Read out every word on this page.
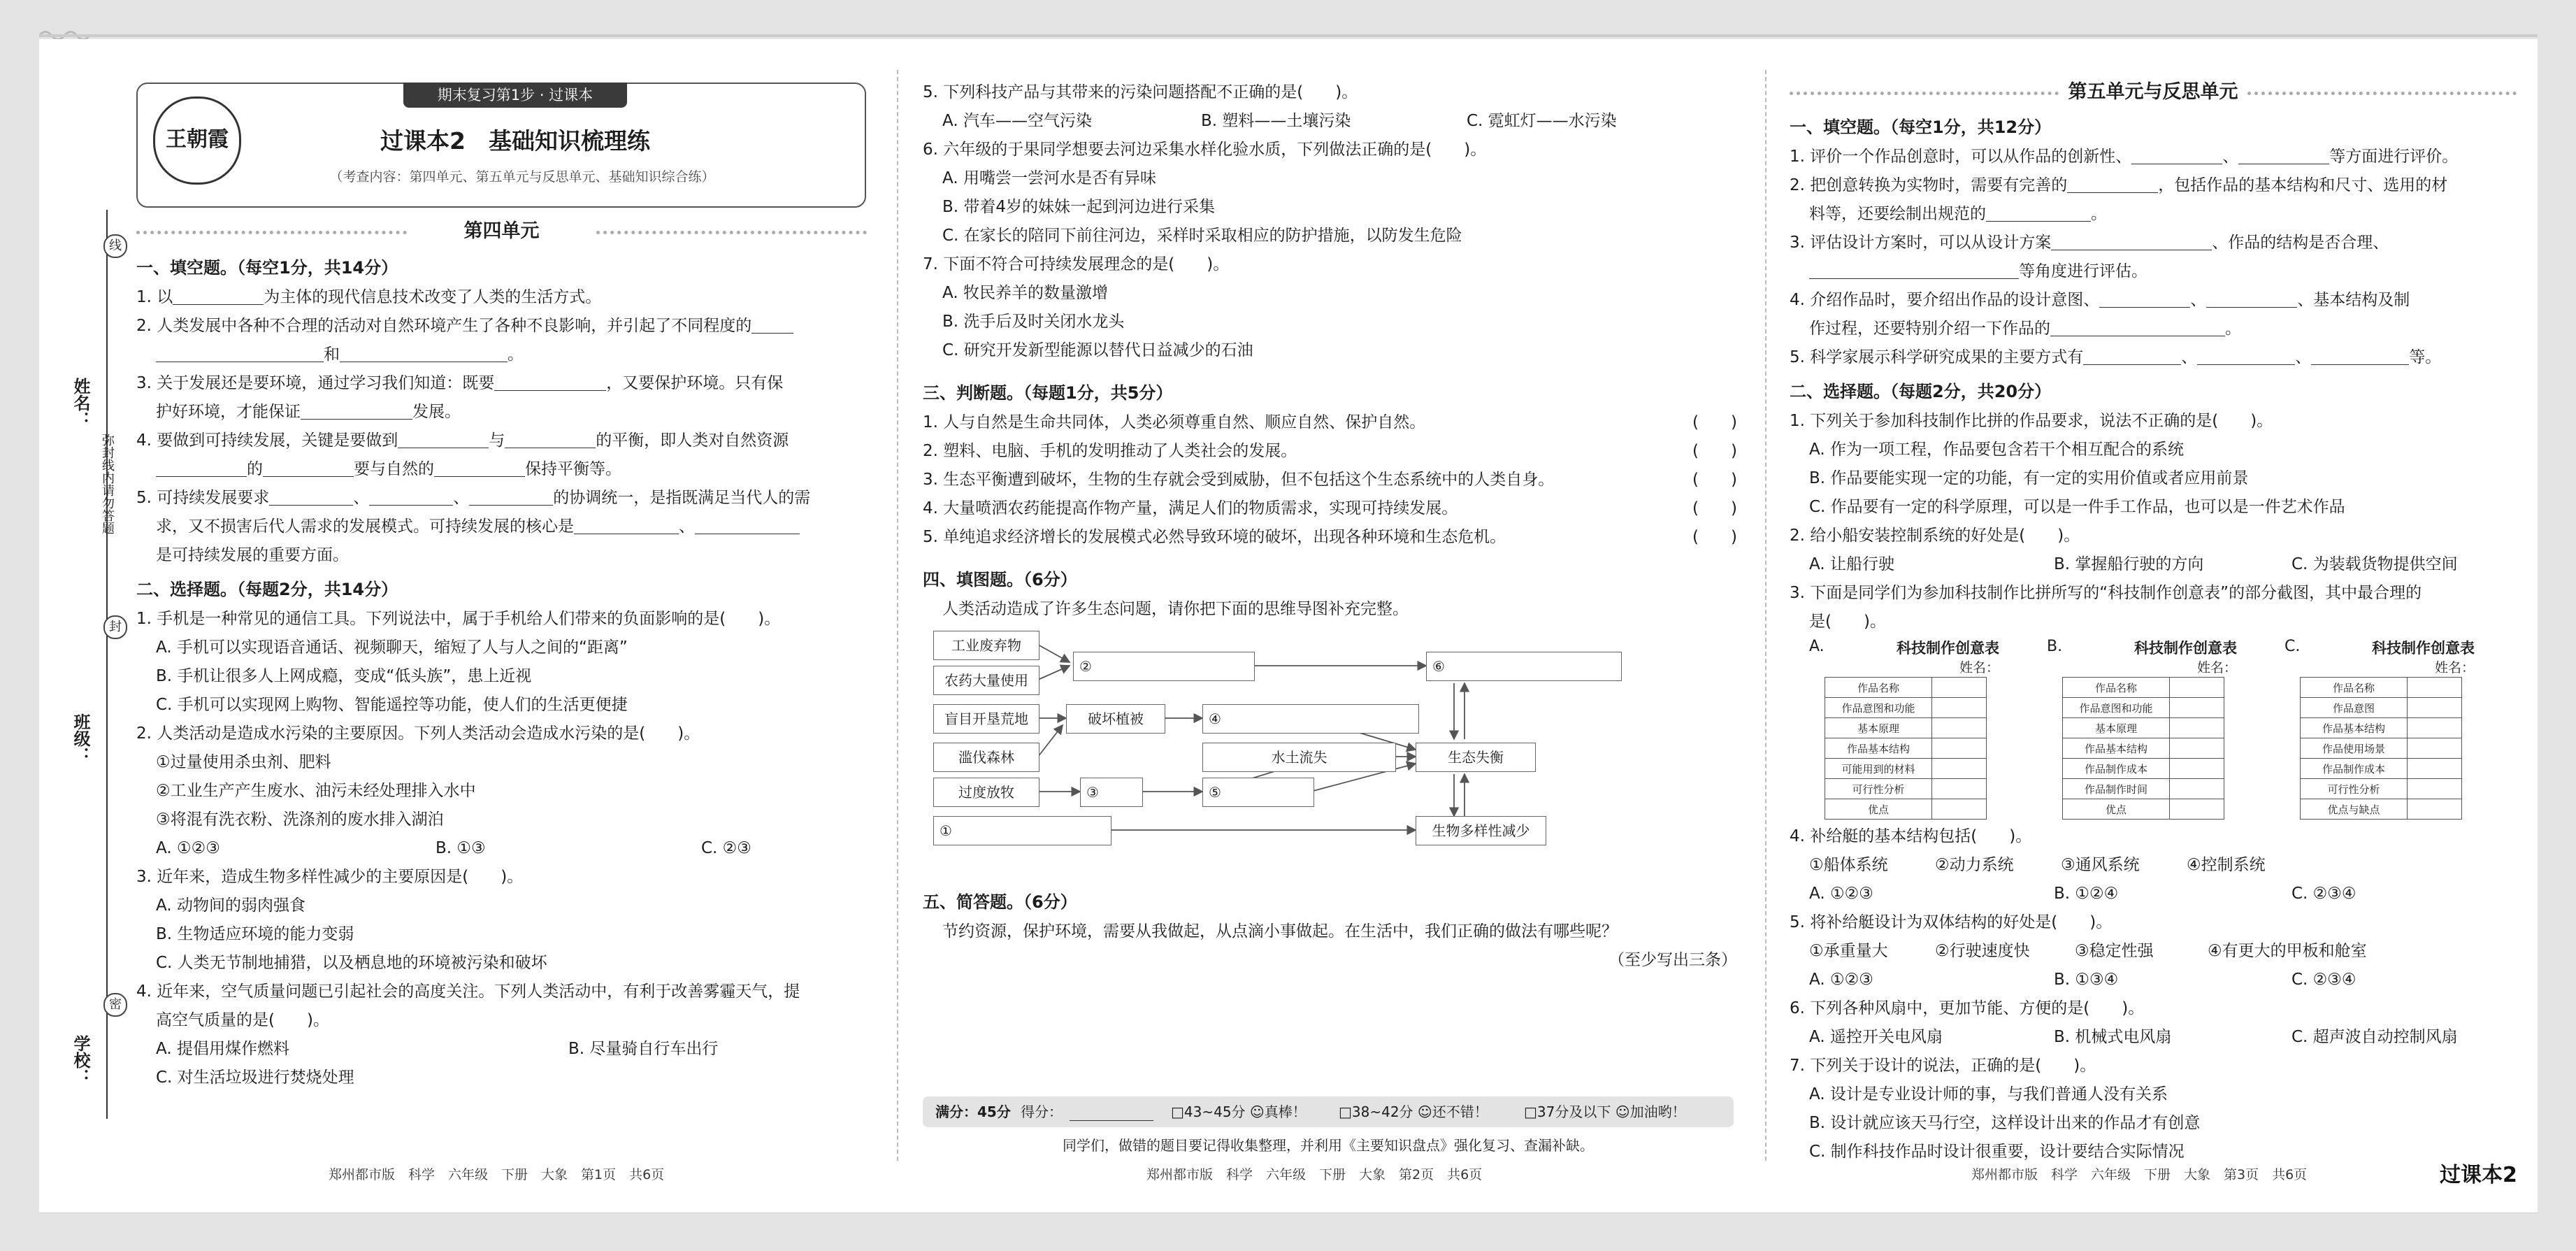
姓名：
弥封线内请勿答题
班级：
学校：
线
封
密
期末复习第1步 · 过课本
王朝霞	过课本2　基础知识梳理练
（考查内容：第四单元、第五单元与反思单元、基础知识综合练）
第四单元

一、填空题。（每空1分，共14分）

1. 以	为主体的现代信息技术改变了人类的生活方式。

2. 人类发展中各种不合理的活动对自然环境产生了各种不良影响，并引起了不同程度的

和	。

3. 关于发展还是要环境，通过学习我们知道：既要	，又要保护环境。只有保

护好环境，才能保证	发展。

4. 要做到可持续发展，关键是要做到	与	的平衡，即人类对自然资源

的	要与自然的	保持平衡等。

5. 可持续发展要求	、	、	的协调统一，是指既满足当代人的需

求，又不损害后代人需求的发展模式。可持续发展的核心是	、

是可持续发展的重要方面。

二、选择题。（每题2分，共14分）

1. 手机是一种常见的通信工具。下列说法中，属于手机给人们带来的负面影响的是(　　)。

A. 手机可以实现语音通话、视频聊天，缩短了人与人之间的“距离”

B. 手机让很多人上网成瘾，变成“低头族”，患上近视

C. 手机可以实现网上购物、智能遥控等功能，使人们的生活更便捷

2. 人类活动是造成水污染的主要原因。下列人类活动会造成水污染的是(　　)。

①过量使用杀虫剂、肥料

②工业生产产生废水、油污未经处理排入水中

③将混有洗衣粉、洗涤剂的废水排入湖泊

A. ①②③	B. ①③	C. ②③

3. 近年来，造成生物多样性减少的主要原因是(　　)。

A. 动物间的弱肉强食

B. 生物适应环境的能力变弱

C. 人类无节制地捕猎，以及栖息地的环境被污染和破坏

4. 近年来，空气质量问题已引起社会的高度关注。下列人类活动中，有利于改善雾霾天气，提

高空气质量的是(　　)。

A. 提倡用煤作燃料	B. 尽量骑自行车出行

C. 对生活垃圾进行焚烧处理

5. 下列科技产品与其带来的污染问题搭配不正确的是(　　)。

A. 汽车——空气污染	B. 塑料——土壤污染	C. 霓虹灯——水污染

6. 六年级的于果同学想要去河边采集水样化验水质，下列做法正确的是(　　)。

A. 用嘴尝一尝河水是否有异味

B. 带着4岁的妹妹一起到河边进行采集

C. 在家长的陪同下前往河边，采样时采取相应的防护措施，以防发生危险

7. 下面不符合可持续发展理念的是(　　)。

A. 牧民养羊的数量激增

B. 洗手后及时关闭水龙头

C. 研究开发新型能源以替代日益减少的石油

三、判断题。（每题1分，共5分）

1. 人与自然是生命共同体，人类必须尊重自然、顺应自然、保护自然。	(　　)
2. 塑料、电脑、手机的发明推动了人类社会的发展。	(　　)
3. 生态平衡遭到破坏，生物的生存就会受到威胁，但不包括这个生态系统中的人类自身。	(　　)
4. 大量喷洒农药能提高作物产量，满足人们的物质需求，实现可持续发展。	(　　)
5. 单纯追求经济增长的发展模式必然导致环境的破坏，出现各种环境和生态危机。	(　　)

四、填图题。（6分）

人类活动造成了许多生态问题，请你把下面的思维导图补充完整。

工业废弃物
农药大量使用
②	⑥
盲目开垦荒地	破坏植被	④
滥伐森林	水土流失	生态失衡
过度放牧	③	⑤
①	生物多样性减少

五、简答题。（6分）

节约资源，保护环境，需要从我做起，从点滴小事做起。在生活中，我们正确的做法有哪些呢？

（至少写出三条）

满分：45分 得分：	□43~45分 ☺真棒！ □38~42分 ☺还不错！	□37分及以下 ☺加油哟！
同学们，做错的题目要记得收集整理，并利用《主要知识盘点》强化复习、查漏补缺。
第五单元与反思单元

一、填空题。（每空1分，共12分）

1. 评价一个作品创意时，可以从作品的创新性、	、	等方面进行评价。

2. 把创意转换为实物时，需要有完善的	，包括作品的基本结构和尺寸、选用的材

料等，还要绘制出规范的	。

3. 评估设计方案时，可以从设计方案	、作品的结构是否合理、

等角度进行评估。

4. 介绍作品时，要介绍出作品的设计意图、	、	、基本结构及制

作过程，还要特别介绍一下作品的	。

5. 科学家展示科学研究成果的主要方式有	、	、	等。

二、选择题。（每题2分，共20分）

1. 下列关于参加科技制作比拼的作品要求，说法不正确的是(　　)。

A. 作为一项工程，作品要包含若干个相互配合的系统

B. 作品要能实现一定的功能，有一定的实用价值或者应用前景

C. 作品要有一定的科学原理，可以是一件手工作品，也可以是一件艺术作品

2. 给小船安装控制系统的好处是(　　)。

A. 让船行驶	B. 掌握船行驶的方向	C. 为装载货物提供空间

3. 下面是同学们为参加科技制作比拼所写的“科技制作创意表”的部分截图，其中最合理的

是(　　)。

A.	科技制作创意表
姓名：
作品名称	
作品意图和功能	
基本原理	
作品基本结构	
可能用到的材料	
可行性分析	
优点	
B.	科技制作创意表
姓名：
作品名称	
作品意图和功能	
基本原理	
作品基本结构	
作品制作成本	
作品制作时间	
优点	
C.	科技制作创意表
姓名：
作品名称	
作品意图	
作品基本结构	
作品使用场景	
作品制作成本	
可行性分析	
优点与缺点	

4. 补给艇的基本结构包括(　　)。

①船体系统	②动力系统	③通风系统	④控制系统
A. ①②③	B. ①②④	C. ②③④

5. 将补给艇设计为双体结构的好处是(　　)。

①承重量大	②行驶速度快	③稳定性强	④有更大的甲板和舱室
A. ①②③	B. ①③④	C. ②③④

6. 下列各种风扇中，更加节能、方便的是(　　)。

A. 遥控开关电风扇	B. 机械式电风扇	C. 超声波自动控制风扇

7. 下列关于设计的说法，正确的是(　　)。

A. 设计是专业设计师的事，与我们普通人没有关系

B. 设计就应该天马行空，这样设计出来的作品才有创意

C. 制作科技作品时设计很重要，设计要结合实际情况

郑州都市版　科学　六年级　下册　大象　第1页　共6页	郑州都市版　科学　六年级　下册　大象　第2页　共6页	郑州都市版　科学　六年级　下册　大象　第3页　共6页	过课本2
